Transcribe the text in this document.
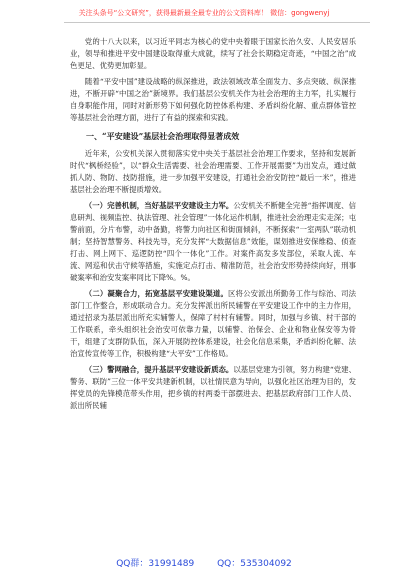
关注头条号“公文研究”，获得最新最全最专业的公文资料库！ 微信：gongwenyj

党的十八大以来，以习近平同志为核心的党中央着眼于国家长治久安、人民安居乐业，领导和推进平安中国建设取得重大成就，续写了社会长期稳定奇迹，“中国之治”成色更足、优势更加彰显。

随着“平安中国”建设战略的纵深推进，政法领域改革全面发力、多点突破、纵深推进，不断开辟“中国之治”新境界。我们基层公安机关作为社会治理的主力军，扎实履行自身职能作用，同时对新形势下如何强化防控体系构建、矛盾纠纷化解、重点群体管控等基层社会治理方面，进行了有益的探索和实践。

一、“平安建设”基层社会治理取得显著成效

近年来，公安机关深入贯彻落实党中央关于基层社会治理工作要求，坚持和发展新时代“枫桥经验”，以“群众生活需要、社会治理需要、工作开展需要”为出发点，通过做抓人防、物防、技防措施，进一步加强平安建设，打通社会治安防控“最后一米”，推进基层社会治理不断提质增效。

（一）完善机制，当好基层平安建设主力军。公安机关不断健全完善“指挥调度、信息研判、视频监控、执法管理、社会管理”一体化运作机制，推进社会治理走实走深；屯警前面，分片布警，动中备勤，将警力向社区和街面倾斜，不断探索“一室两队”联动机制；坚持智慧警务、科技先导，充分发挥“大数据信息”效能，谋划推进安保维稳、侦查打击、网上网下、巡逻防控“四个一体化”工作。对案件高发多发部位，采取人流、车流、网巡和伏击守候等措施，实施定点打击、精准防范，社会治安形势持续向好，刑事破案率和治安发案率同比下降%。%。

（二）凝聚合力，拓宽基层平安建设渠道。区将公安派出所勤务工作与综治、司法部门工作整合，形成联动合力。充分发挥派出所民辅警在平安建设工作中的主力作用，通过招录为基层派出所充实辅警人，保障了村村有辅警。同时，加强与乡镇、村干部的工作联系，牵头组织社会治安可依靠力量，以辅警、治保会、企业和物业保安等为骨干，组建了支群防队伍，深入开展防控体系建设，社会化信息采集，矛盾纠纷化解、法治宣传宣传等工作，积极构建“大平安”工作格局。

（三）警网融合，提升基层平安建设新质态。以基层党建为引领，努力构建“党建、警务、联防”三位一体平安共建新机制，以社情民意为导向，以强化社区治理为目的，发挥党员的先锋模范带头作用，把乡镇的村两委干部摆进去、把基层政府部门工作人员、派出所民辅

QQ群：31991489	QQ：535304092
